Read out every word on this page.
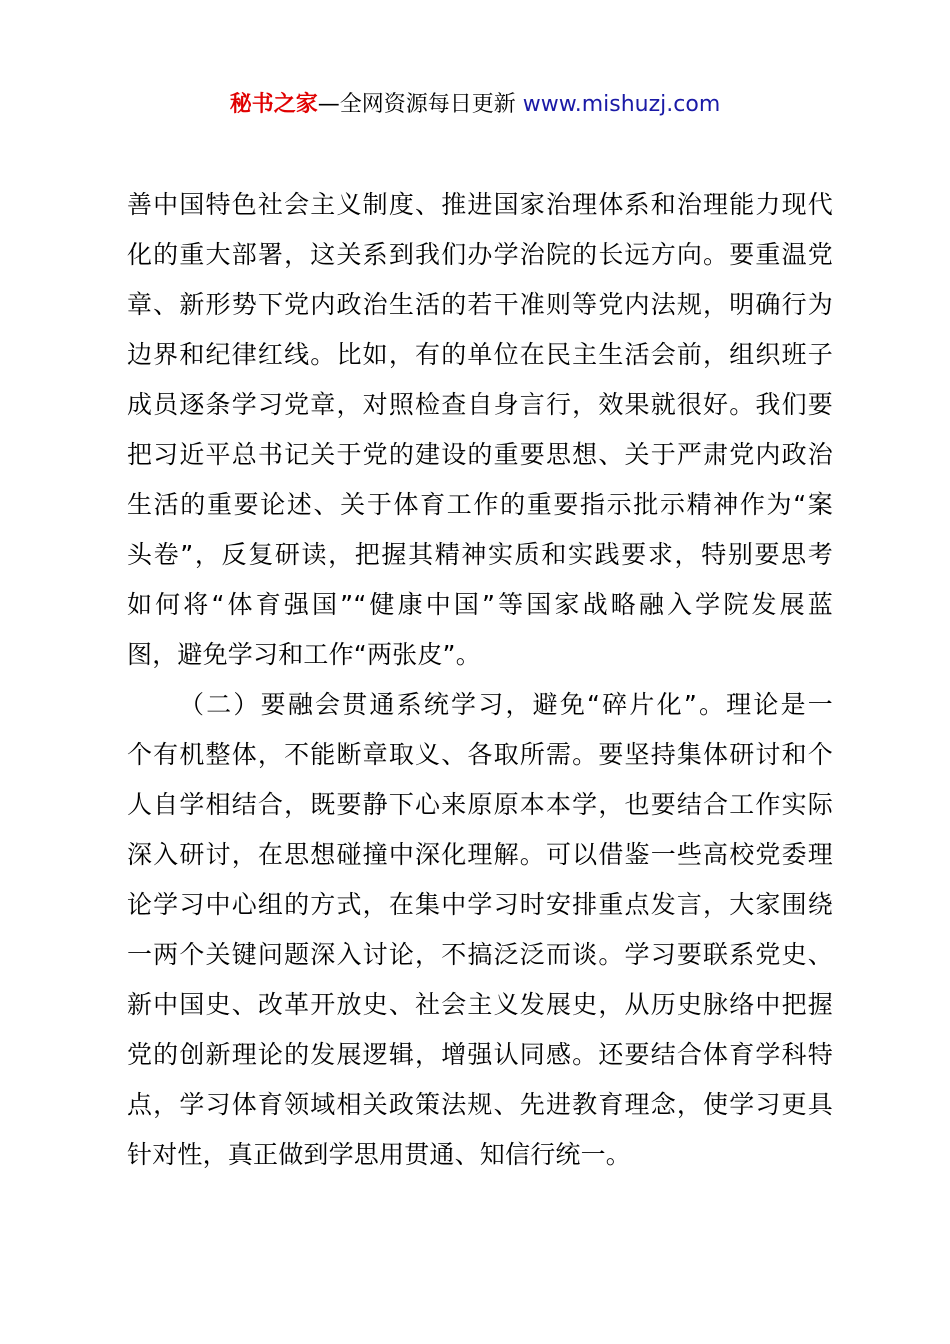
秘书之家—全网资源每日更新 www.mishuzj.com
善中国特色社会主义制度、推进国家治理体系和治理能力现代
化的重大部署，这关系到我们办学治院的长远方向。要重温党
章、新形势下党内政治生活的若干准则等党内法规，明确行为
边界和纪律红线。比如，有的单位在民主生活会前，组织班子
成员逐条学习党章，对照检查自身言行，效果就很好。我们要
把习近平总书记关于党的建设的重要思想、关于严肃党内政治
生活的重要论述、关于体育工作的重要指示批示精神作为“案
头卷”，反复研读，把握其精神实质和实践要求，特别要思考
如何将“体育强国”“健康中国”等国家战略融入学院发展蓝
图，避免学习和工作“两张皮”。
（二）要融会贯通系统学习，避免“碎片化”。理论是一
个有机整体，不能断章取义、各取所需。要坚持集体研讨和个
人自学相结合，既要静下心来原原本本学，也要结合工作实际
深入研讨，在思想碰撞中深化理解。可以借鉴一些高校党委理
论学习中心组的方式，在集中学习时安排重点发言，大家围绕
一两个关键问题深入讨论，不搞泛泛而谈。学习要联系党史、
新中国史、改革开放史、社会主义发展史，从历史脉络中把握
党的创新理论的发展逻辑，增强认同感。还要结合体育学科特
点，学习体育领域相关政策法规、先进教育理念，使学习更具
针对性，真正做到学思用贯通、知信行统一。
